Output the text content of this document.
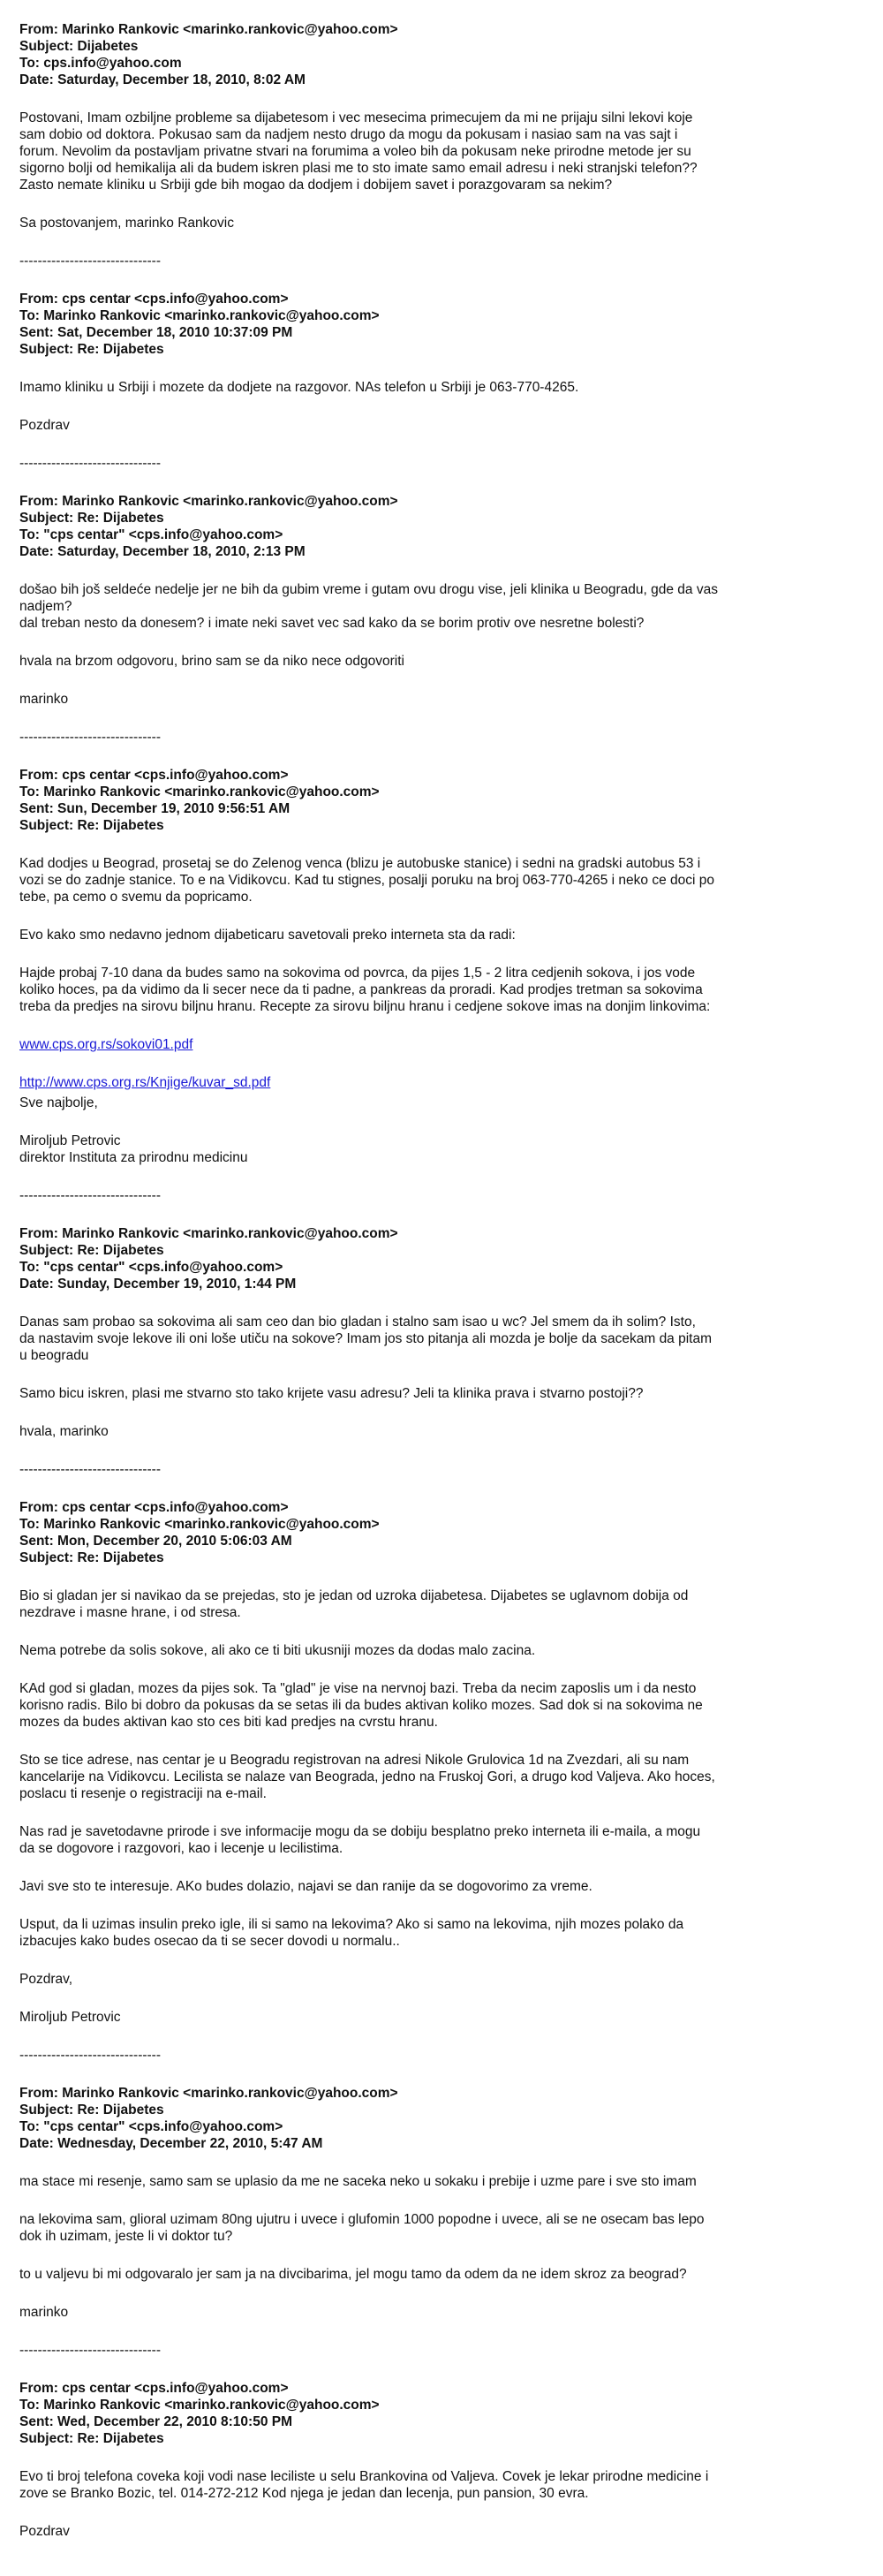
From: Marinko Rankovic <marinko.rankovic@yahoo.com>
Subject: Dijabetes
To: cps.info@yahoo.com
Date: Saturday, December 18, 2010, 8:02 AM
Postovani, Imam ozbiljne probleme sa dijabetesom i vec mesecima primecujem da mi ne prijaju silni lekovi koje
sam dobio od doktora. Pokusao sam da nadjem nesto drugo da mogu da pokusam i nasiao sam na vas sajt i
forum. Nevolim da postavljam privatne stvari na forumima a voleo bih da pokusam neke prirodne metode jer su
sigorno bolji od hemikalija ali da budem iskren plasi me to sto imate samo email adresu i neki stranjski telefon??
Zasto nemate kliniku u Srbiji gde bih mogao da dodjem i dobijem savet i porazgovaram sa nekim?
Sa postovanjem, marinko Rankovic
-------------------------------
From: cps centar <cps.info@yahoo.com>
To: Marinko Rankovic <marinko.rankovic@yahoo.com>
Sent: Sat, December 18, 2010 10:37:09 PM
Subject: Re: Dijabetes
Imamo kliniku u Srbiji i mozete da dodjete na razgovor. NAs telefon u Srbiji je 063-770-4265.
Pozdrav
-------------------------------
From: Marinko Rankovic <marinko.rankovic@yahoo.com>
Subject: Re: Dijabetes
To: "cps centar" <cps.info@yahoo.com>
Date: Saturday, December 18, 2010, 2:13 PM
došao bih još seldeće nedelje jer ne bih da gubim vreme i gutam ovu drogu vise, jeli klinika u Beogradu, gde da vas
nadjem?
dal treban nesto da donesem? i imate neki savet vec sad kako da se borim protiv ove nesretne bolesti?
hvala na brzom odgovoru, brino sam se da niko nece odgovoriti
marinko
-------------------------------
From: cps centar <cps.info@yahoo.com>
To: Marinko Rankovic <marinko.rankovic@yahoo.com>
Sent: Sun, December 19, 2010 9:56:51 AM
Subject: Re: Dijabetes
Kad dodjes u Beograd, prosetaj se do Zelenog venca (blizu je autobuske stanice) i sedni na gradski autobus 53 i
vozi se do zadnje stanice. To e na Vidikovcu. Kad tu stignes, posalji poruku na broj 063-770-4265 i neko ce doci po
tebe, pa cemo o svemu da popricamo.
Evo kako smo nedavno jednom dijabeticaru savetovali preko interneta sta da radi:
Hajde probaj 7-10 dana da budes samo na sokovima od povrca, da pijes 1,5 - 2 litra cedjenih sokova, i jos vode
koliko hoces, pa da vidimo da li secer nece da ti padne, a pankreas da proradi. Kad prodjes tretman sa sokovima
treba da predjes na sirovu biljnu hranu. Recepte za sirovu biljnu hranu i cedjene sokove imas na donjim linkovima:
www.cps.org.rs/sokovi01.pdf
http://www.cps.org.rs/Knjige/kuvar_sd.pdf
Sve najbolje,
Miroljub Petrovic
direktor Instituta za prirodnu medicinu
-------------------------------
From: Marinko Rankovic <marinko.rankovic@yahoo.com>
Subject: Re: Dijabetes
To: "cps centar" <cps.info@yahoo.com>
Date: Sunday, December 19, 2010, 1:44 PM
Danas sam probao sa sokovima ali sam ceo dan bio gladan i stalno sam isao u wc? Jel smem da ih solim? Isto,
da nastavim svoje lekove ili oni loše utiču na sokove? Imam jos sto pitanja ali mozda je bolje da sacekam da pitam
u beogradu
Samo bicu iskren, plasi me stvarno sto tako krijete vasu adresu? Jeli ta klinika prava i stvarno postoji??
hvala, marinko
-------------------------------
From: cps centar <cps.info@yahoo.com>
To: Marinko Rankovic <marinko.rankovic@yahoo.com>
Sent: Mon, December 20, 2010 5:06:03 AM
Subject: Re: Dijabetes
Bio si gladan jer si navikao da se prejedas, sto je jedan od uzroka dijabetesa. Dijabetes se uglavnom dobija od
nezdrave i masne hrane, i od stresa.
Nema potrebe da solis sokove, ali ako ce ti biti ukusniji mozes da dodas malo zacina.
KAd god si gladan, mozes da pijes sok. Ta "glad" je vise na nervnoj bazi. Treba da necim zaposlis um i da nesto
korisno radis. Bilo bi dobro da pokusas da se setas ili da budes aktivan koliko mozes. Sad dok si na sokovima ne
mozes da budes aktivan kao sto ces biti kad predjes na cvrstu hranu.
Sto se tice adrese, nas centar je u Beogradu registrovan na adresi Nikole Grulovica 1d na Zvezdari, ali su nam
kancelarije na Vidikovcu. Lecilista se nalaze van Beograda, jedno na Fruskoj Gori, a drugo kod Valjeva. Ako hoces,
poslacu ti resenje o registraciji na e-mail.
Nas rad je savetodavne prirode i sve informacije mogu da se dobiju besplatno preko interneta ili e-maila, a mogu
da se dogovore i razgovori, kao i lecenje u lecilistima.
Javi sve sto te interesuje. AKo budes dolazio, najavi se dan ranije da se dogovorimo za vreme.
Usput, da li uzimas insulin preko igle, ili si samo na lekovima? Ako si samo na lekovima, njih mozes polako da
izbacujes kako budes osecao da ti se secer dovodi u normalu..
Pozdrav,
Miroljub Petrovic
-------------------------------
From: Marinko Rankovic <marinko.rankovic@yahoo.com>
Subject: Re: Dijabetes
To: "cps centar" <cps.info@yahoo.com>
Date: Wednesday, December 22, 2010, 5:47 AM
ma stace mi resenje, samo sam se uplasio da me ne saceka neko u sokaku i prebije i uzme pare i sve sto imam
na lekovima sam, glioral uzimam 80ng ujutru i uvece i glufomin 1000 popodne i uvece, ali se ne osecam bas lepo
dok ih uzimam, jeste li vi doktor tu?
to u valjevu bi mi odgovaralo jer sam ja na divcibarima, jel mogu tamo da odem da ne idem skroz za beograd?
marinko
-------------------------------
From: cps centar <cps.info@yahoo.com>
To: Marinko Rankovic <marinko.rankovic@yahoo.com>
Sent: Wed, December 22, 2010 8:10:50 PM
Subject: Re: Dijabetes
Evo ti broj telefona coveka koji vodi nase leciliste u selu Brankovina od Valjeva. Covek je lekar prirodne medicine i
zove se Branko Bozic, tel. 014-272-212 Kod njega je jedan dan lecenja, pun pansion, 30 evra.
Pozdrav
